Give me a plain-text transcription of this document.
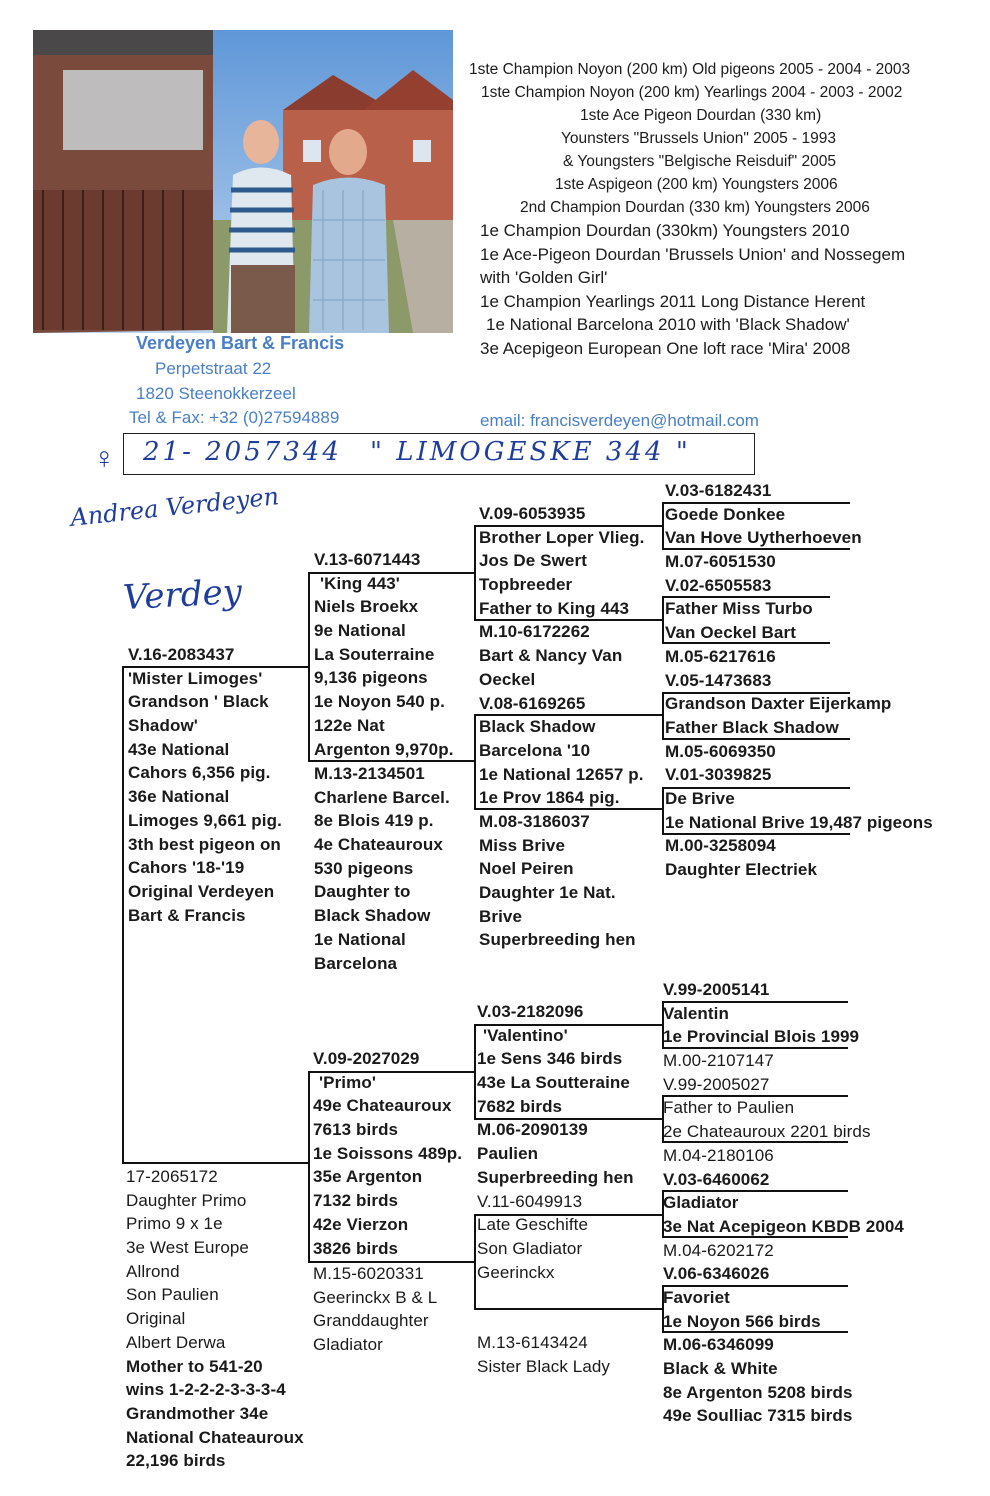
1ste Champion Noyon (200 km) Old pigeons 2005 - 2004 - 2003
1ste Champion Noyon (200 km) Yearlings 2004 - 2003 - 2002
1ste Ace Pigeon Dourdan (330 km)
Younsters "Brussels Union" 2005 - 1993
& Youngsters "Belgische Reisduif" 2005
1ste Aspigeon (200 km) Youngsters 2006
2nd Champion Dourdan (330 km) Youngsters 2006
1e Champion Dourdan (330km) Youngsters 2010
1e Ace-Pigeon Dourdan 'Brussels Union' and Nossegem
with 'Golden Girl'
1e Champion Yearlings 2011 Long Distance Herent
1e National Barcelona 2010 with 'Black Shadow'
3e Acepigeon European One loft race 'Mira' 2008
Verdeyen Bart & Francis
Perpetstraat 22
1820 Steenokkerzeel
Tel & Fax: +32 (0)27594889	email: francisverdeyen@hotmail.com
♀ 21- 2057344 " LIMOGESKE 344 "
Andrea Verdeyen
Verdey
V.16-2083437
'Mister Limoges'
Grandson ' Black
Shadow'
43e National
Cahors 6,356 pig.
36e National
Limoges 9,661 pig.
3th best pigeon on
Cahors '18-'19
Original Verdeyen
Bart & Francis
17-2065172
Daughter Primo
Primo 9 x 1e
3e West Europe
Allrond
Son Paulien
Original
Albert Derwa
Mother to 541-20
wins 1-2-2-2-3-3-3-4
Grandmother 34e
National Chateauroux
22,196 birds
V.13-6071443
'King 443'
Niels Broekx
9e National
La Souterraine
9,136 pigeons
1e Noyon 540 p.
122e Nat
Argenton 9,970p.
M.13-2134501
Charlene Barcel.
8e Blois 419 p.
4e Chateauroux
530 pigeons
Daughter to
Black Shadow
1e National
Barcelona
V.09-2027029
'Primo'
49e Chateauroux
7613 birds
1e Soissons 489p.
35e Argenton
7132 birds
42e Vierzon
3826 birds
M.15-6020331
Geerinckx B & L
Granddaughter
Gladiator
V.09-6053935
Brother Loper Vlieg.
Jos De Swert
Topbreeder
Father to King 443
M.10-6172262
Bart & Nancy Van
Oeckel
V.08-6169265
Black Shadow
Barcelona '10
1e National 12657 p.
1e Prov 1864 pig.
M.08-3186037
Miss Brive
Noel Peiren
Daughter 1e Nat.
Brive
Superbreeding hen
V.03-2182096
'Valentino'
1e Sens 346 birds
43e La Soutteraine
7682 birds
M.06-2090139
Paulien
Superbreeding hen
V.11-6049913
Late Geschifte
Son Gladiator
Geerinckx
M.13-6143424
Sister Black Lady
V.03-6182431
Goede Donkee
Van Hove Uytherhoeven
M.07-6051530
V.02-6505583
Father Miss Turbo
Van Oeckel Bart
M.05-6217616
V.05-1473683
Grandson Daxter Eijerkamp
Father Black Shadow
M.05-6069350
V.01-3039825
De Brive
1e National Brive 19,487 pigeons
M.00-3258094
Daughter Electriek
V.99-2005141
Valentin
1e Provincial Blois 1999
M.00-2107147
V.99-2005027
Father to Paulien
2e Chateauroux 2201 birds
M.04-2180106
V.03-6460062
Gladiator
3e Nat Acepigeon KBDB 2004
M.04-6202172
V.06-6346026
Favoriet
1e Noyon 566 birds
M.06-6346099
Black & White
8e Argenton 5208 birds
49e Soulliac 7315 birds
